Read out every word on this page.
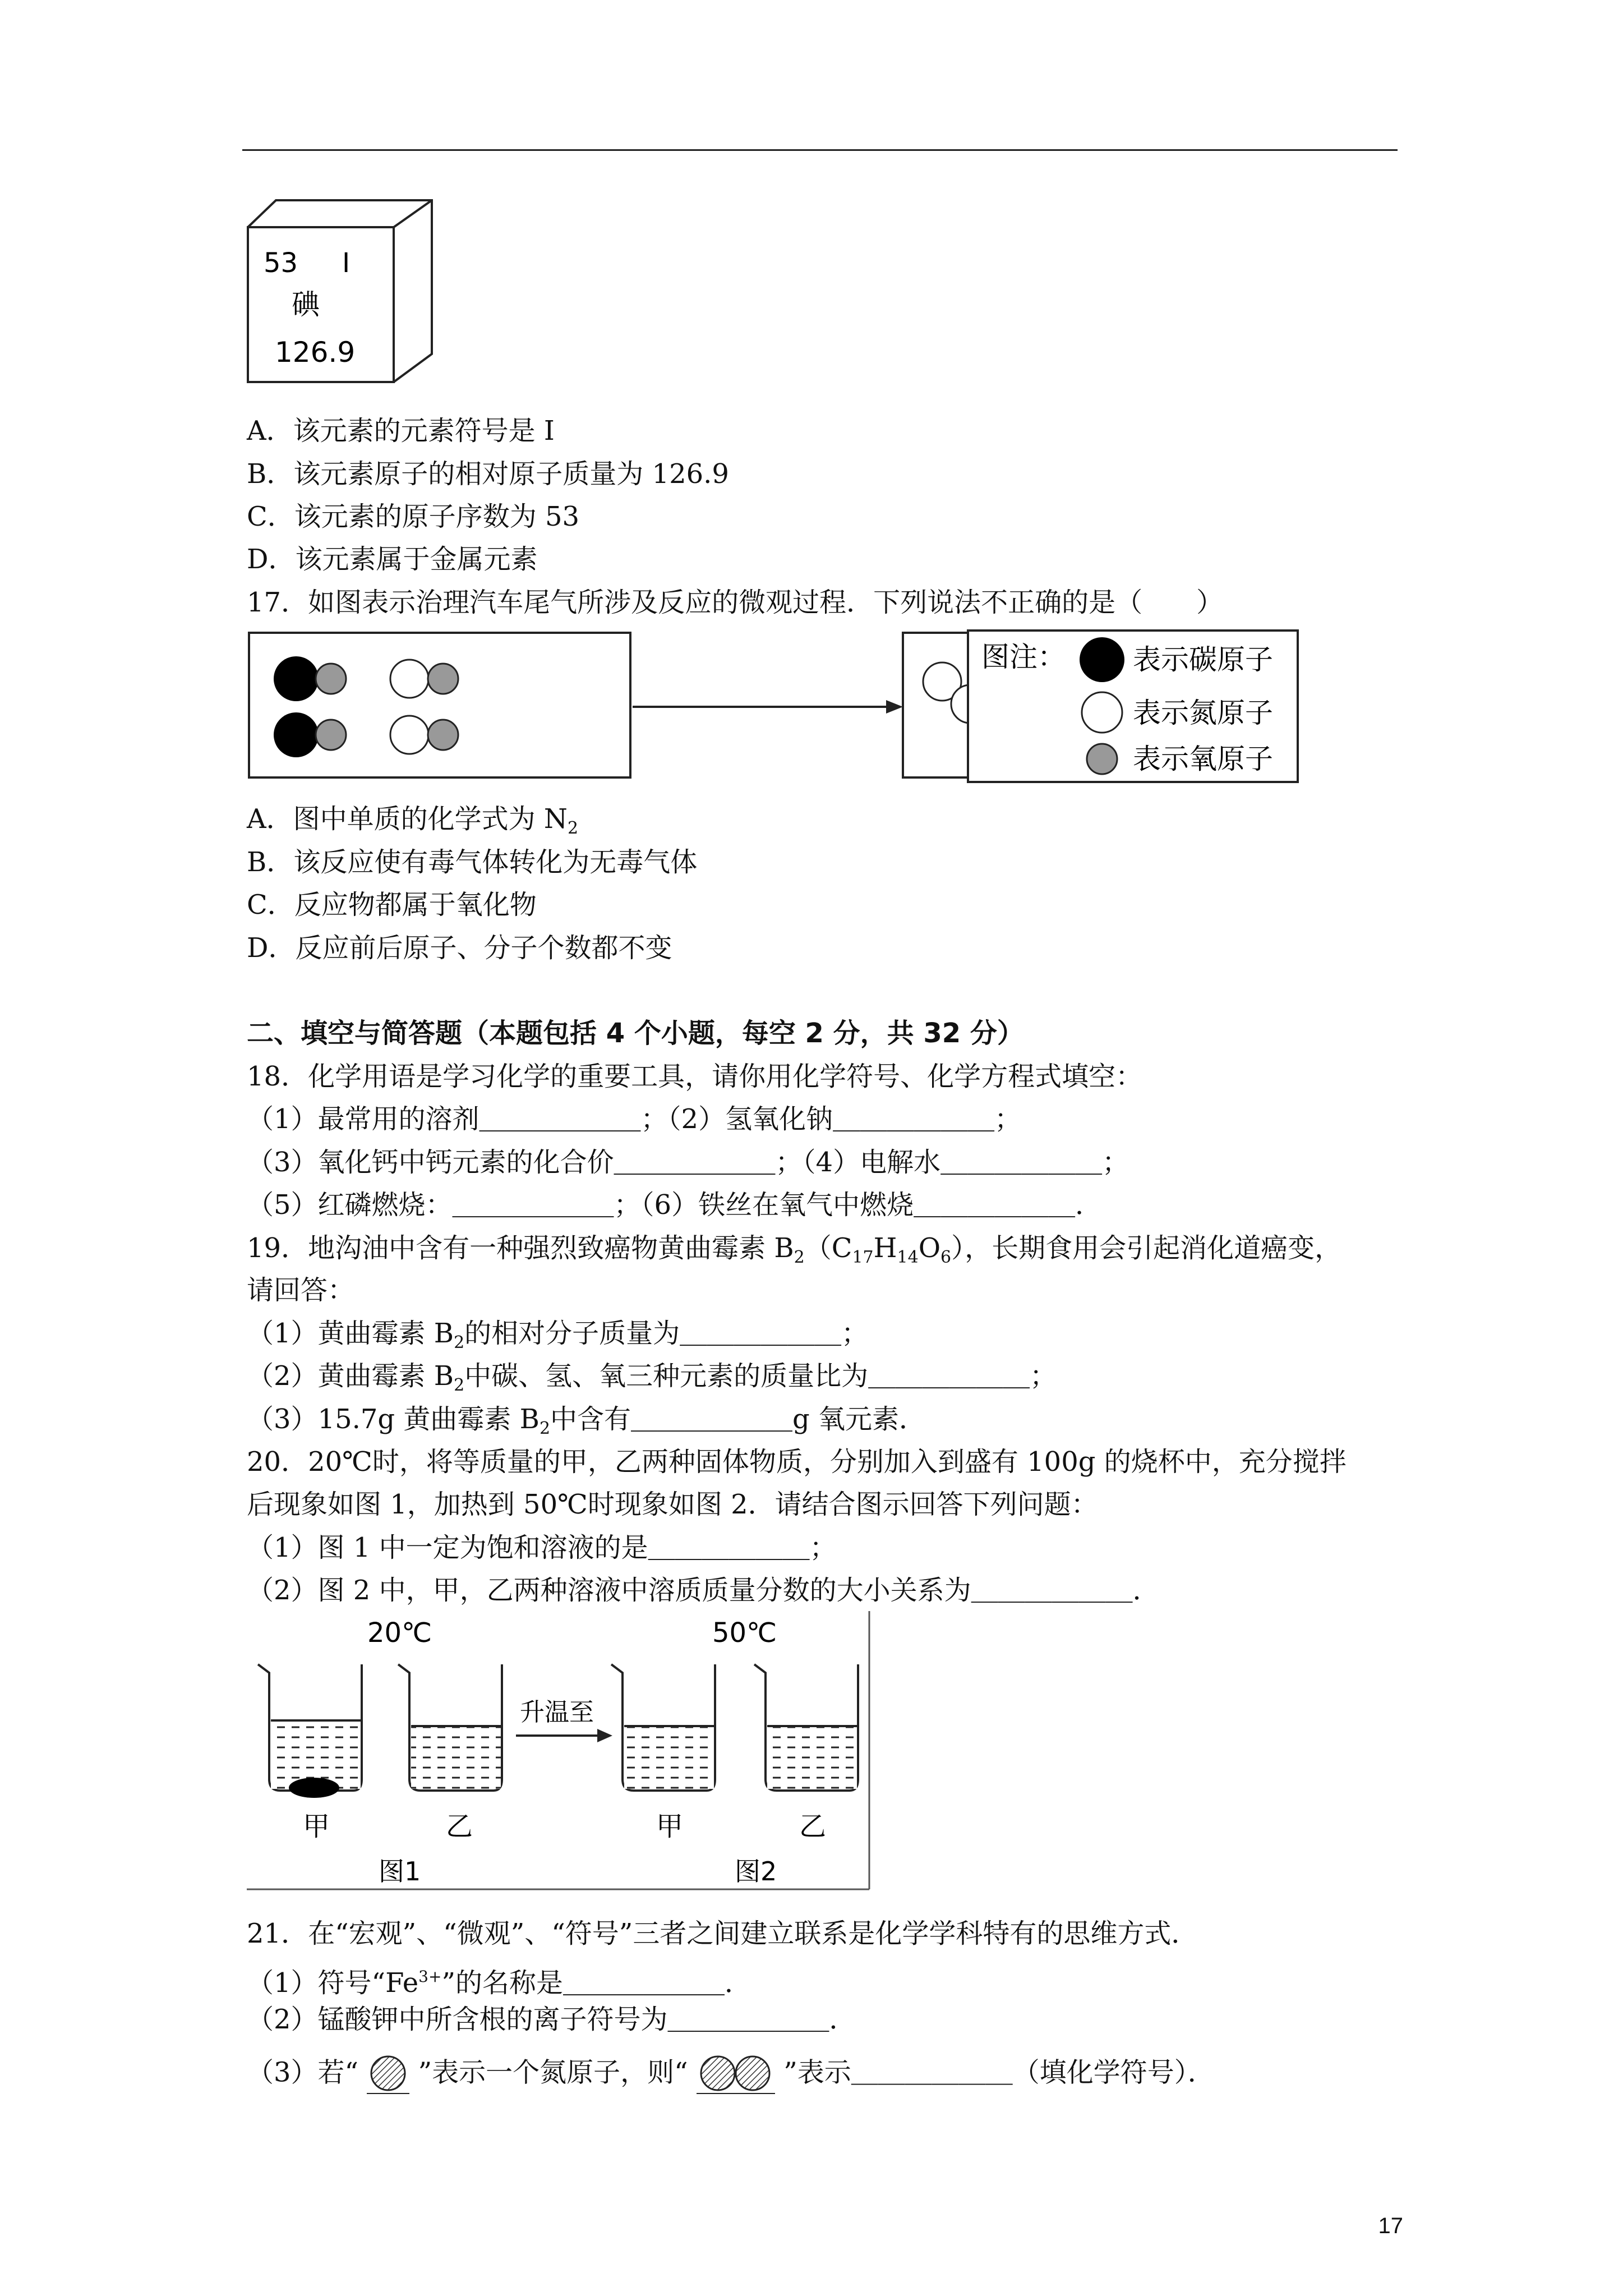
53 I
碘
126.9
A．该元素的元素符号是 I
B．该元素原子的相对原子质量为 126.9
C．该元素的原子序数为 53
D．该元素属于金属元素
17．如图表示治理汽车尾气所涉及反应的微观过程．下列说法不正确的是（　　）
图注： 表示碳原子
表示氮原子
表示氧原子
A．图中单质的化学式为 $N_2$
B．该反应使有毒气体转化为无毒气体
C．反应物都属于氧化物
D．反应前后原子、分子个数都不变
二、填空与简答题（本题包括 4 个小题，每空 2 分，共 32 分）
18．化学用语是学习化学的重要工具，请你用化学符号、化学方程式填空：
（1）最常用的溶剂＿＿＿＿＿＿；（2）氢氧化钠＿＿＿＿＿＿；
（3）氧化钙中钙元素的化合价＿＿＿＿＿＿；（4）电解水＿＿＿＿＿＿；
（5）红磷燃烧：＿＿＿＿＿＿；（6）铁丝在氧气中燃烧＿＿＿＿＿＿．
19．地沟油中含有一种强烈致癌物黄曲霉素 $B_2(C_{17}H_{14}O_6)$，长期食用会引起消化道癌变，
请回答：
（1）黄曲霉素 $B_2$的相对分子质量为＿＿＿＿＿＿；
（2）黄曲霉素 $B_2$中碳、氢、氧三种元素的质量比为＿＿＿＿＿＿；
（3）15.7g 黄曲霉素 $B_2$中含有＿＿＿＿＿＿g 氧元素．
20．20℃时，将等质量的甲，乙两种固体物质，分别加入到盛有 100g 的烧杯中，充分搅拌
后现象如图 1，加热到 50℃时现象如图 2．请结合图示回答下列问题：
（1）图 1 中一定为饱和溶液的是＿＿＿＿＿＿；
（2）图 2 中，甲，乙两种溶液中溶质质量分数的大小关系为＿＿＿＿＿＿．
20℃	50℃
升温至
甲	乙	甲	乙
图1	图2
21．在“宏观”、“微观”、“符号”三者之间建立联系是化学学科特有的思维方式．
（1）符号“$Fe^{3+}$”的名称是＿＿＿＿＿＿．
（2）锰酸钾中所含根的离子符号为＿＿＿＿＿＿．
（3）若“ ”表示一个氮原子，则“	”表示＿＿＿＿＿＿（填化学符号）．
17
